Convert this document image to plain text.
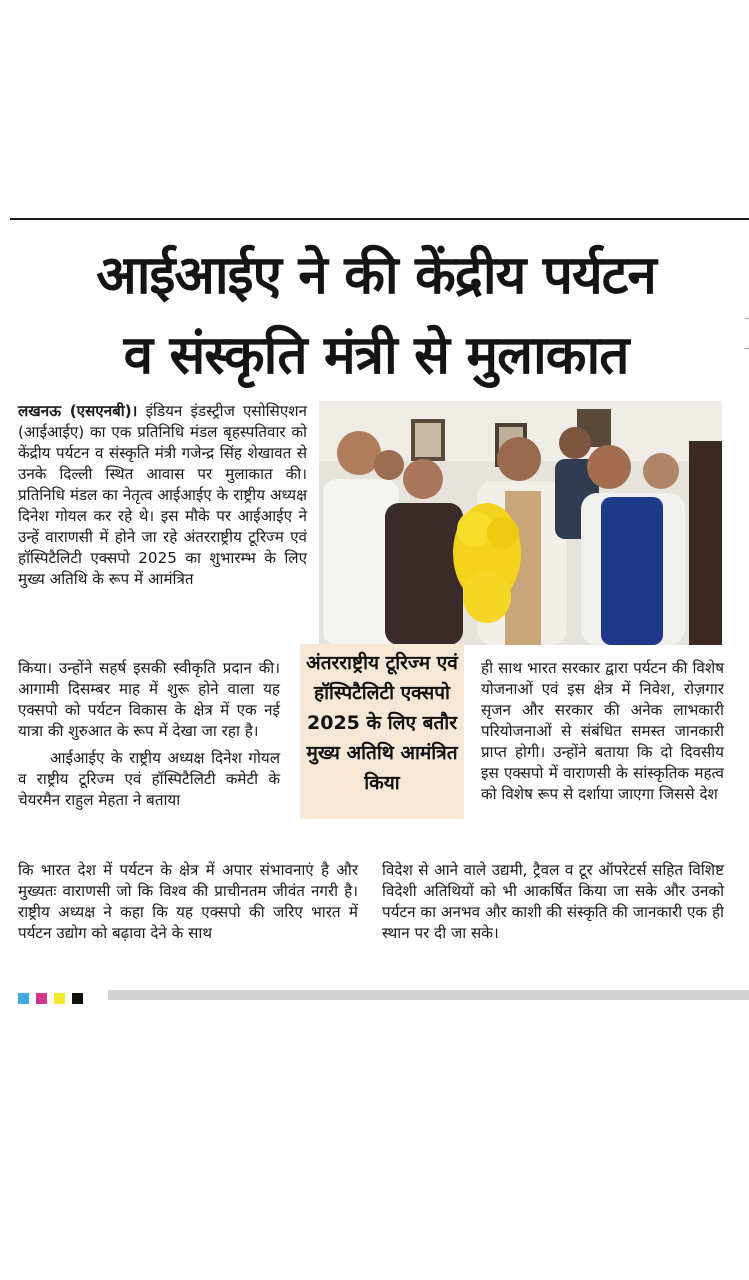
आईआईए ने की केंद्रीय पर्यटन
व संस्कृति मंत्री से मुलाकात

लखनऊ (एसएनबी)। इंडियन इंडस्ट्रीज एसोसिएशन (आईआईए) का एक प्रतिनिधि मंडल बृहस्पतिवार को केंद्रीय पर्यटन व संस्कृति मंत्री गजेन्द्र सिंह शेखावत से उनके दिल्ली स्थित आवास पर मुलाकात की। प्रतिनिधि मंडल का नेतृत्व आईआईए के राष्ट्रीय अध्यक्ष दिनेश गोयल कर रहे थे। इस मौके पर आईआईए ने उन्हें वाराणसी में होने जा रहे अंतरराष्ट्रीय टूरिज्म एवं हॉस्पिटैलिटी एक्सपो 2025 का शुभारम्भ के लिए मुख्य अतिथि के रूप में आमंत्रित

किया। उन्होंने सहर्ष इसकी स्वीकृति प्रदान की। आगामी दिसम्बर माह में शुरू होने वाला यह एक्सपो को पर्यटन विकास के क्षेत्र में एक नई यात्रा की शुरुआत के रूप में देखा जा रहा है।

आईआईए के राष्ट्रीय अध्यक्ष दिनेश गोयल व राष्ट्रीय टूरिज्म एवं हॉस्पिटैलिटी कमेटी के चेयरमैन राहुल मेहता ने बताया

अंतरराष्ट्रीय टूरिज्म एवं हॉस्पिटैलिटी एक्सपो 2025 के लिए बतौर मुख्य अतिथि आमंत्रित किया

ही साथ भारत सरकार द्वारा पर्यटन की विशेष योजनाओं एवं इस क्षेत्र में निवेश, रोज़गार सृजन और सरकार की अनेक लाभकारी परियोजनाओं से संबंधित समस्त जानकारी प्राप्त होगी। उन्होंने बताया कि दो दिवसीय इस एक्सपो में वाराणसी के सांस्कृतिक महत्व को विशेष रूप से दर्शाया जाएगा जिससे देश

कि भारत देश में पर्यटन के क्षेत्र में अपार संभावनाएं है और मुख्यतः वाराणसी जो कि विश्व की प्राचीनतम जीवंत नगरी है। राष्ट्रीय अध्यक्ष ने कहा कि यह एक्सपो की जरिए भारत में पर्यटन उद्योग को बढ़ावा देने के साथ

विदेश से आने वाले उद्यमी, ट्रैवल व टूर ऑपरेटर्स सहित विशिष्ट विदेशी अतिथियों को भी आकर्षित किया जा सके और उनको पर्यटन का अनभव और काशी की संस्कृति की जानकारी एक ही स्थान पर दी जा सके।
